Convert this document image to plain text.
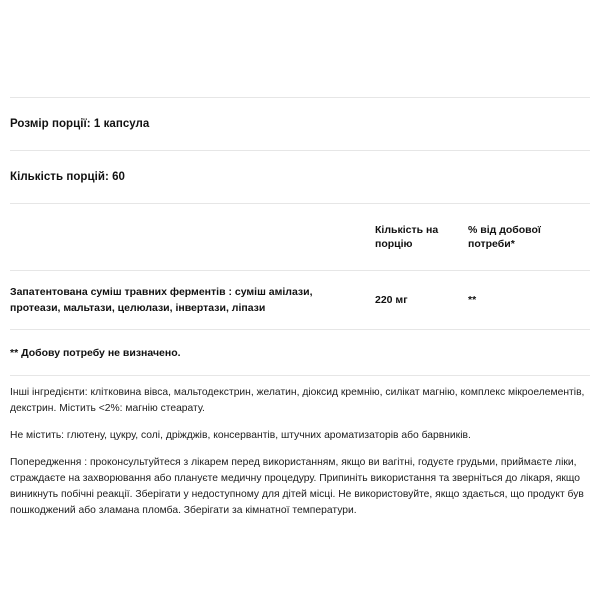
Розмір порції: 1 капсула
Кількість порцій: 60
Кількість на порцію
% від добової потреби*
Запатентована суміш травних ферментів : суміш амілази, протеази, мальтази, целюлази, інвертази, ліпази
220 мг	**
** Добову потребу не визначено.

Інші інгредієнти: клітковина вівса, мальтодекстрин, желатин, діоксид кремнію, силікат магнію, комплекс мікроелементів, декстрин. Містить <2%: магнію стеарату.

Не містить: глютену, цукру, солі, дріжджів, консервантів, штучних ароматизаторів або барвників.

Попередження : проконсультуйтеся з лікарем перед використанням, якщо ви вагітні, годуєте грудьми, приймаєте ліки, страждаєте на захворювання або плануєте медичну процедуру. Припиніть використання та зверніться до лікаря, якщо виникнуть побічні реакції. Зберігати у недоступному для дітей місці. Не використовуйте, якщо здається, що продукт був пошкоджений або зламана пломба. Зберігати за кімнатної температури.
